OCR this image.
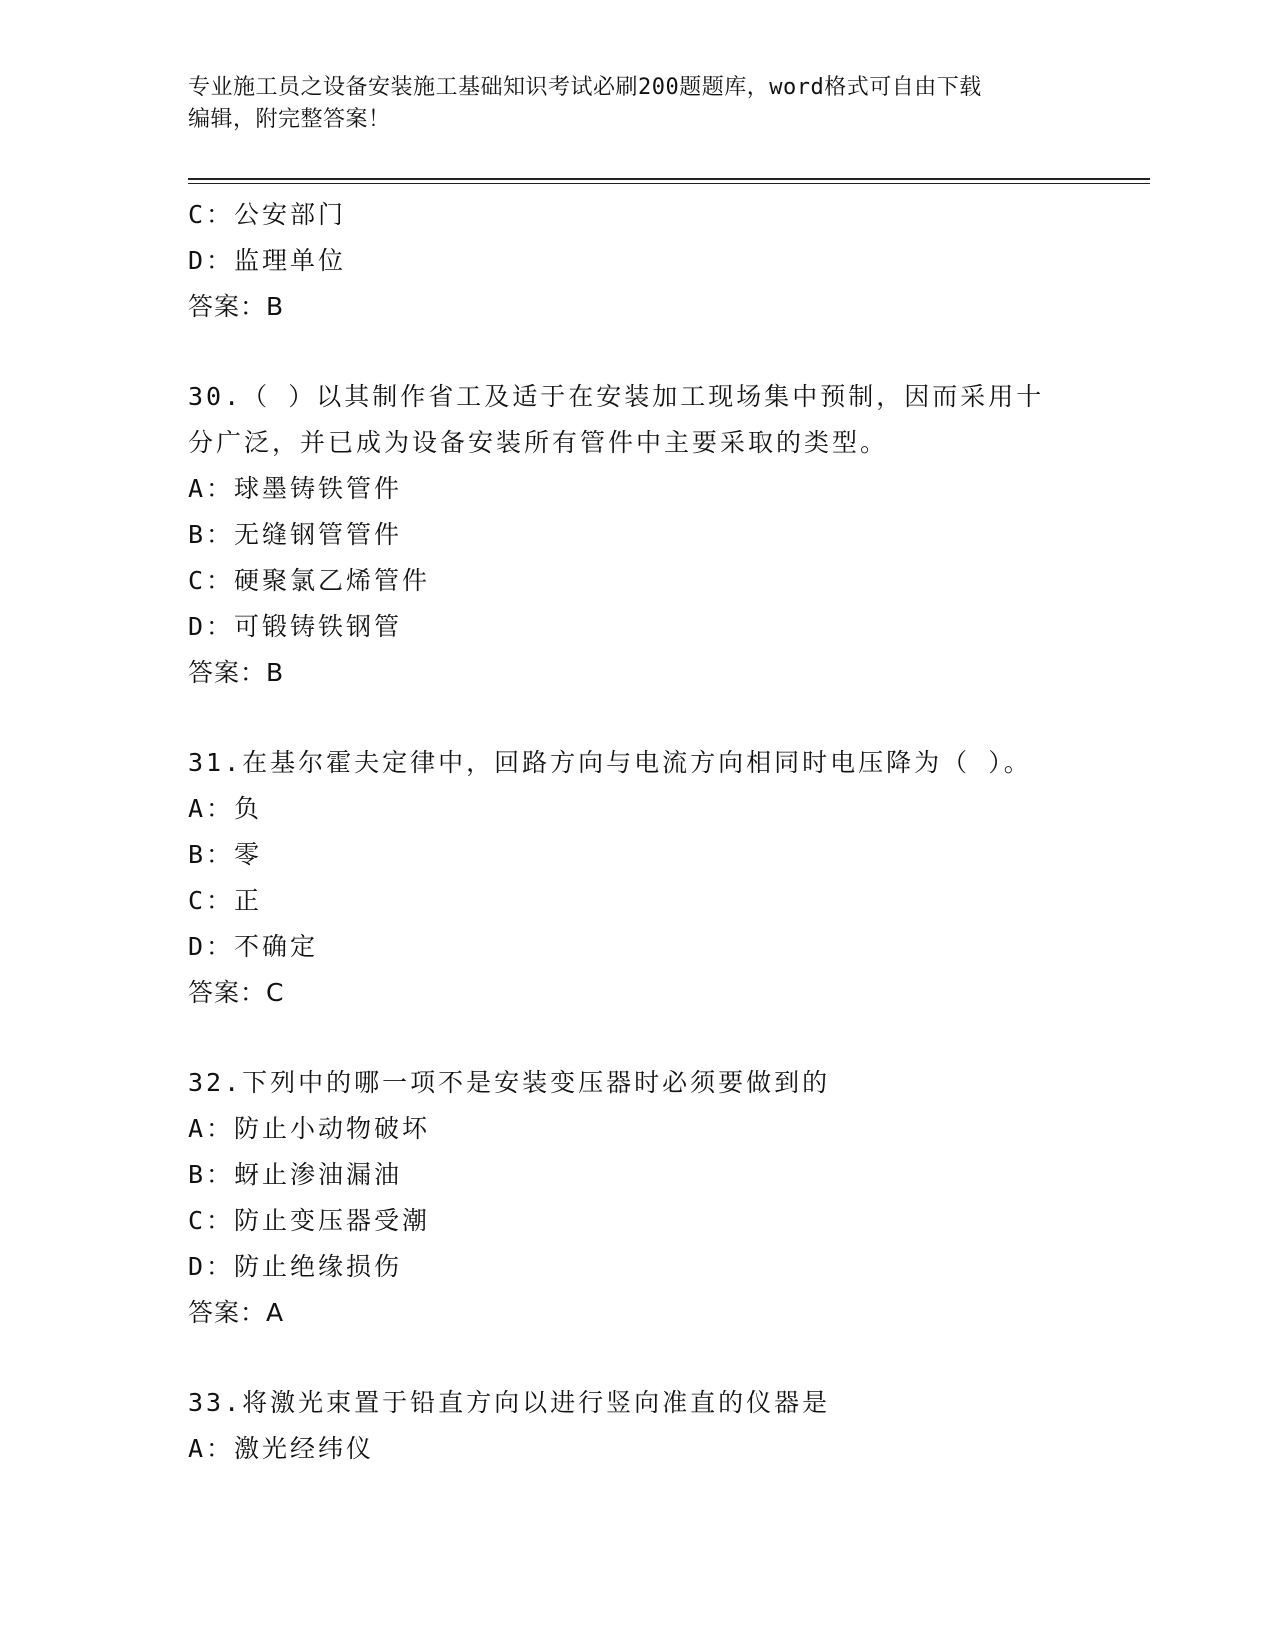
专业施工员之设备安装施工基础知识考试必刷200题题库，word格式可自由下载
编辑，附完整答案！
C：公安部门
D：监理单位
答案：B
30.（ ）以其制作省工及适于在安装加工现场集中预制，因而采用十
分广泛，并已成为设备安装所有管件中主要采取的类型。
A：球墨铸铁管件
B：无缝钢管管件
C：硬聚氯乙烯管件
D：可锻铸铁钢管
答案：B
31.在基尔霍夫定律中，回路方向与电流方向相同时电压降为（ ）。
A：负
B：零
C：正
D：不确定
答案：C
32.下列中的哪一项不是安装变压器时必须要做到的
A：防止小动物破坏
B：蚜止渗油漏油
C：防止变压器受潮
D：防止绝缘损伤
答案：A
33.将激光束置于铅直方向以进行竖向准直的仪器是
A：激光经纬仪
